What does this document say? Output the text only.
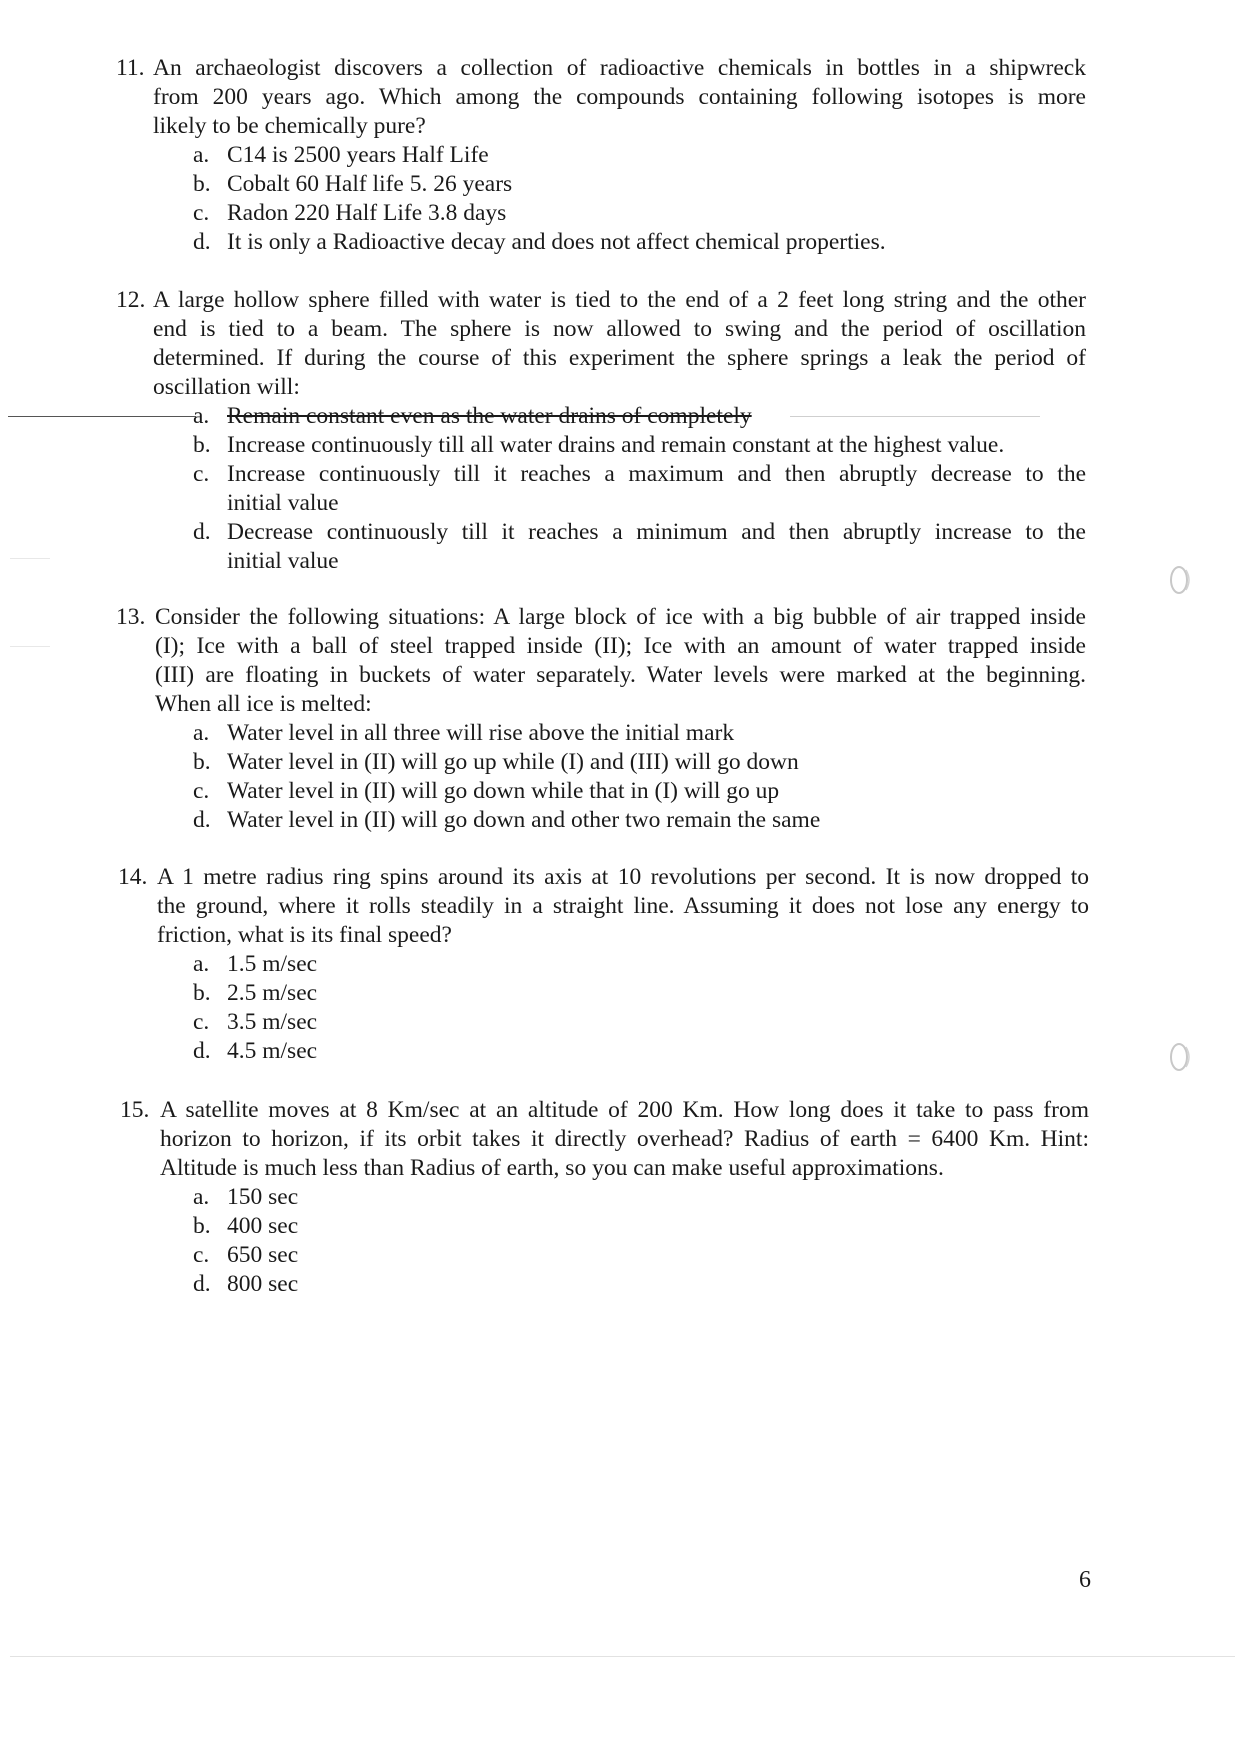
11. An archaeologist discovers a collection of radioactive chemicals in bottles in a shipwreck
from 200 years ago. Which among the compounds containing following isotopes is more
likely to be chemically pure?
a. C14 is 2500 years Half Life
b. Cobalt 60 Half life 5. 26 years
c. Radon 220 Half Life 3.8 days
d. It is only a Radioactive decay and does not affect chemical properties.
12. A large hollow sphere filled with water is tied to the end of a 2 feet long string and the other
end is tied to a beam. The sphere is now allowed to swing and the period of oscillation
determined. If during the course of this experiment the sphere springs a leak the period of
oscillation will:
a. Remain constant even as the water drains of completely
b. Increase continuously till all water drains and remain constant at the highest value.
c. Increase continuously till it reaches a maximum and then abruptly decrease to the
initial value
d. Decrease continuously till it reaches a minimum and then abruptly increase to the
initial value
13. Consider the following situations: A large block of ice with a big bubble of air trapped inside
(I); Ice with a ball of steel trapped inside (II); Ice with an amount of water trapped inside
(III) are floating in buckets of water separately. Water levels were marked at the beginning.
When all ice is melted:
a. Water level in all three will rise above the initial mark
b. Water level in (II) will go up while (I) and (III) will go down
c. Water level in (II) will go down while that in (I) will go up
d. Water level in (II) will go down and other two remain the same
14. A 1 metre radius ring spins around its axis at 10 revolutions per second. It is now dropped to
the ground, where it rolls steadily in a straight line. Assuming it does not lose any energy to
friction, what is its final speed?
a. 1.5 m/sec
b. 2.5 m/sec
c. 3.5 m/sec
d. 4.5 m/sec
15. A satellite moves at 8 Km/sec at an altitude of 200 Km. How long does it take to pass from
horizon to horizon, if its orbit takes it directly overhead? Radius of earth = 6400 Km. Hint:
Altitude is much less than Radius of earth, so you can make useful approximations.
a. 150 sec
b. 400 sec
c. 650 sec
d. 800 sec
6
